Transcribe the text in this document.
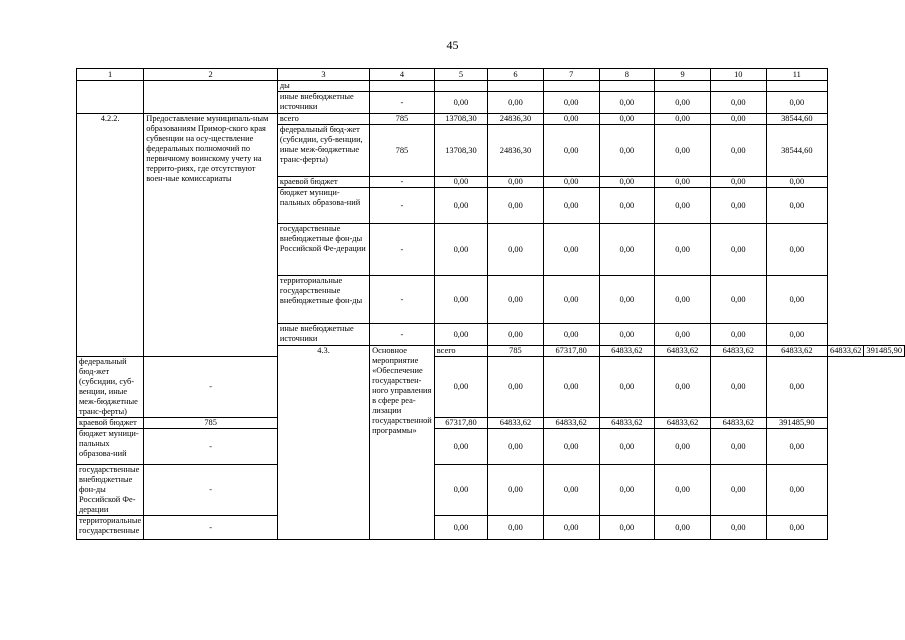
45
1	2	3	4	5	6	7	8	9	10	11		
		ды										
		иные внебюджетные источники	-	0,00	0,00	0,00	0,00	0,00	0,00	0,00		
4.2.2.	Предоставление муниципаль-ным образованиям Примор-ского края субвенции на осу-ществление федеральных полномочий по первичному воинскому учету на террито-риях, где отсутствуют воен-ные комиссариаты	всего	785	13708,30	24836,30	0,00	0,00	0,00	0,00	38544,60		
		федеральный бюд-жет (субсидии, суб-венции, иные меж-бюджетные транс-ферты)	785	13708,30	24836,30	0,00	0,00	0,00	0,00	38544,60		
		краевой бюджет	-	0,00	0,00	0,00	0,00	0,00	0,00	0,00		
		бюджет муници-пальных образова-ний	-	0,00	0,00	0,00	0,00	0,00	0,00	0,00		
		государственные внебюджетные фон-ды Российской Фе-дерации	-	0,00	0,00	0,00	0,00	0,00	0,00	0,00		
		территориальные государственные внебюджетные фон-ды	-	0,00	0,00	0,00	0,00	0,00	0,00	0,00		
		иные внебюджетные источники	-	0,00	0,00	0,00	0,00	0,00	0,00	0,00		
		4.3.	Основное мероприятие «Обеспечение государствен-ного управления в сфере реа-лизации государственной программы»	всего	785	67317,80	64833,62	64833,62	64833,62	64833,62	64833,62	391485,90
федеральный бюд-жет (субсидии, суб-венции, иные меж-бюджетные транс-ферты)	-			0,00	0,00	0,00	0,00	0,00	0,00	0,00		
краевой бюджет	785			67317,80	64833,62	64833,62	64833,62	64833,62	64833,62	391485,90		
бюджет муници-пальных образова-ний	-			0,00	0,00	0,00	0,00	0,00	0,00	0,00		
государственные внебюджетные фон-ды Российской Фе-дерации	-			0,00	0,00	0,00	0,00	0,00	0,00	0,00		
территориальные государственные	-			0,00	0,00	0,00	0,00	0,00	0,00	0,00		
